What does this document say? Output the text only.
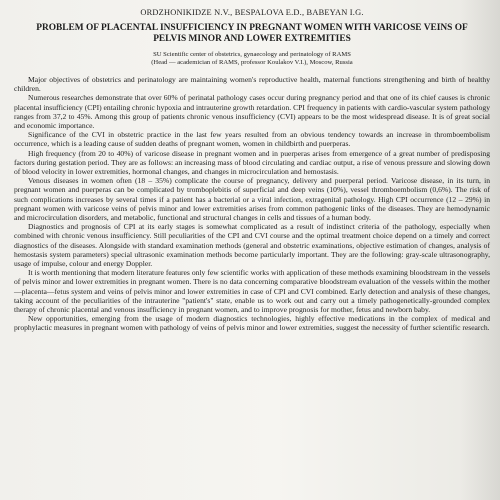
ORDZHONIKIDZE N.V., BESPALOVA E.D., BABEYAN I.G.
PROBLEM OF PLACENTAL INSUFFICIENCY IN PREGNANT WOMEN WITH VARICOSE VEINS OF PELVIS MINOR AND LOWER EXTREMITIES
SU Scientific center of obstetrics, gynaecology and perinatology of RAMS
(Head — academician of RAMS, professor Koulakov V.I.), Moscow, Russia

Major objectives of obstetrics and perinatology are maintaining women's reproductive health, maternal functions strengthening and birth of healthy children.

Numerous researches demonstrate that over 60% of perinatal pathology cases occur during pregnancy period and that one of its chief causes is chronic placental insufficiency (CPI) entailing chronic hypoxia and intrauterine growth retardation. CPI frequency in patients with cardio-vascular system pathology ranges from 37,2 to 45%. Among this group of patients chronic venous insufficiency (CVI) appears to be the most widespread disease. It is of great social and economic importance.

Significance of the CVI in obstetric practice in the last few years resulted from an obvious tendency towards an increase in thromboembolism occurrence, which is a leading cause of sudden deaths of pregnant women, women in childbirth and puerperas.

High frequency (from 20 to 40%) of varicose disease in pregnant women and in puerperas arises from emergence of a great number of predisposing factors during gestation period. They are as follows: an increasing mass of blood circulating and cardiac output, a rise of venous pressure and slowing down of blood velocity in lower extremities, hormonal changes, and changes in microcirculation and hemostasis.

Venous diseases in women often (18 – 35%) complicate the course of pregnancy, delivery and puerperal period. Varicose disease, in its turn, in pregnant women and puerperas can be complicated by tromboplebitis of superficial and deep veins (10%), vessel thromboembolism (0,6%). The risk of such complications increases by several times if a patient has a bacterial or a viral infection, extragenital pathology. High CPI occurrence (12 – 29%) in pregnant women with varicose veins of pelvis minor and lower extremities arises from common pathogenic links of the diseases. They are hemodynamic and microcirculation disorders, and metabolic, functional and structural changes in cells and tissues of a human body.

Diagnostics and prognosis of CPI at its early stages is somewhat complicated as a result of indistinct criteria of the pathology, especially when combined with chronic venous insufficiency. Still peculiarities of the CPI and CVI course and the optimal treatment choice depend on a timely and correct diagnostics of the diseases. Alongside with standard examination methods (general and obstetric examinations, objective estimation of changes, analysis of hemostasis system parameters) special ultrasonic examination methods become particularly important. They are the following: gray-scale ultrasonography, usage of impulse, colour and energy Doppler.

It is worth mentioning that modern literature features only few scientific works with application of these methods examining bloodstream in the vessels of pelvis minor and lower extremities in pregnant women. There is no data concerning comparative bloodstream evaluation of the vessels within the mother—placenta—fetus system and veins of pelvis minor and lower extremities in case of CPI and CVI combined. Early detection and analysis of these changes, taking account of the peculiarities of the intrauterine "patient's" state, enable us to work out and carry out a timely pathogenetically-grounded complex therapy of chronic placental and venous insufficiency in pregnant women, and to improve prognosis for mother, fetus and newborn baby.

New opportunities, emerging from the usage of modern diagnostics technologies, highly effective medications in the complex of medical and prophylactic measures in pregnant women with pathology of veins of pelvis minor and lower extremities, suggest the necessity of further scientific research.
